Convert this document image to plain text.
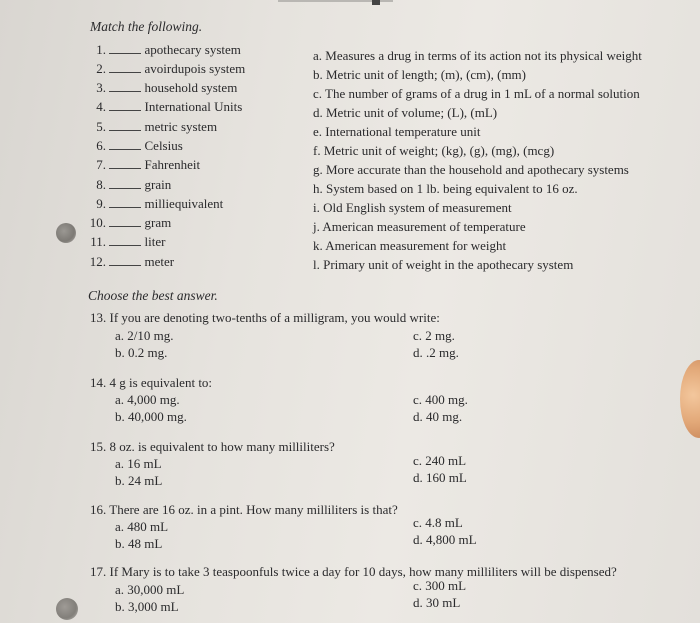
Match the following.
1.	apothecary system
2.	avoirdupois system
3.	household system
4.	International Units
5.	metric system
6.	Celsius
7.	Fahrenheit
8.	grain
9.	milliequivalent
10.	gram
11.	liter
12.	meter
a. Measures a drug in terms of its action not its physical weight
b. Metric unit of length; (m), (cm), (mm)
c. The number of grams of a drug in 1 mL of a normal solution
d. Metric unit of volume; (L), (mL)
e. International temperature unit
f. Metric unit of weight; (kg), (g), (mg), (mcg)
g. More accurate than the household and apothecary systems
h. System based on 1 lb. being equivalent to 16 oz.
i. Old English system of measurement
j. American measurement of temperature
k. American measurement for weight
l. Primary unit of weight in the apothecary system
Choose the best answer.
13. If you are denoting two-tenths of a milligram, you would write:
a. 2/10 mg.
b. 0.2 mg.
c. 2 mg.
d. .2 mg.
14. 4 g is equivalent to:
a. 4,000 mg.
b. 40,000 mg.
c. 400 mg.
d. 40 mg.
15. 8 oz. is equivalent to how many milliliters?
a. 16 mL
b. 24 mL
c. 240 mL
d. 160 mL
16. There are 16 oz. in a pint. How many milliliters is that?
a. 480 mL
b. 48 mL
c. 4.8 mL
d. 4,800 mL
17. If Mary is to take 3 teaspoonfuls twice a day for 10 days, how many milliliters will be dispensed?
a. 30,000 mL
b. 3,000 mL
c. 300 mL
d. 30 mL
